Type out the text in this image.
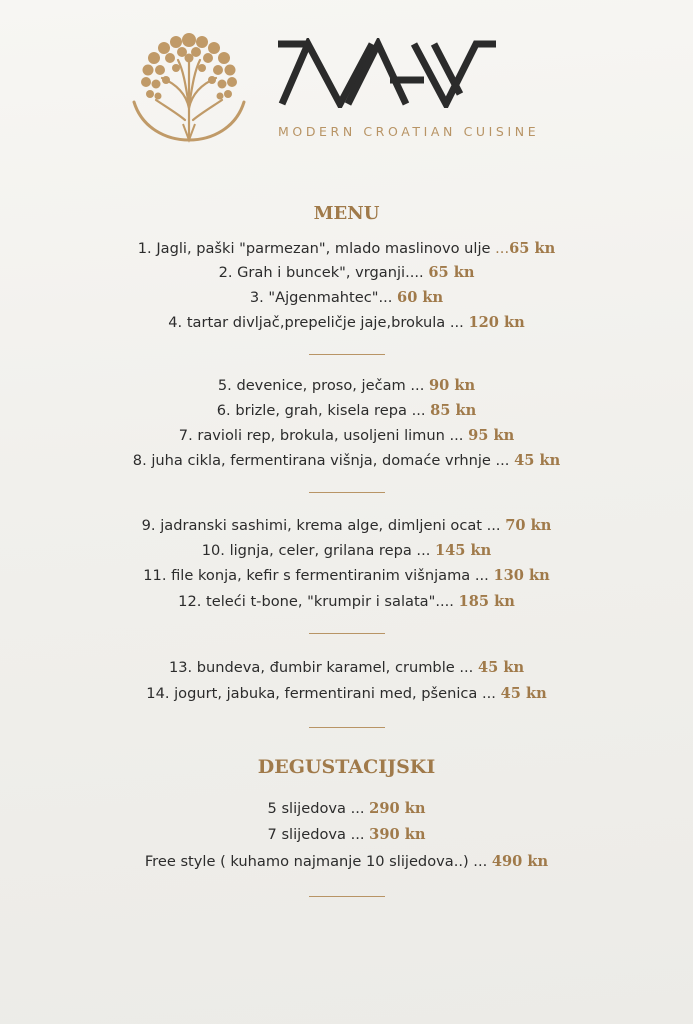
MODERN CROATIAN CUISINE
MENU
1. Jagli, paški "parmezan", mlado maslinovo ulje ...65 kn
2. Grah i buncek", vrganji.... 65 kn
3. "Ajgenmahtec"... 60 kn
4. tartar divljač,prepeličje jaje,brokula ... 120 kn
5. devenice, proso, ječam ... 90 kn
6. brizle, grah, kisela repa ... 85 kn
7. ravioli rep, brokula, usoljeni limun ... 95 kn
8. juha cikla, fermentirana višnja, domaće vrhnje ... 45 kn
9. jadranski sashimi, krema alge, dimljeni ocat ... 70 kn
10. lignja, celer, grilana repa ... 145 kn
11. file konja, kefir s fermentiranim višnjama ... 130 kn
12. teleći t-bone, "krumpir i salata".... 185 kn
13. bundeva, đumbir karamel, crumble ... 45 kn
14. jogurt, jabuka, fermentirani med, pšenica ... 45 kn
DEGUSTACIJSKI
5 slijedova ... 290 kn
7 slijedova ... 390 kn
Free style ( kuhamo najmanje 10 slijedova..) ... 490 kn
